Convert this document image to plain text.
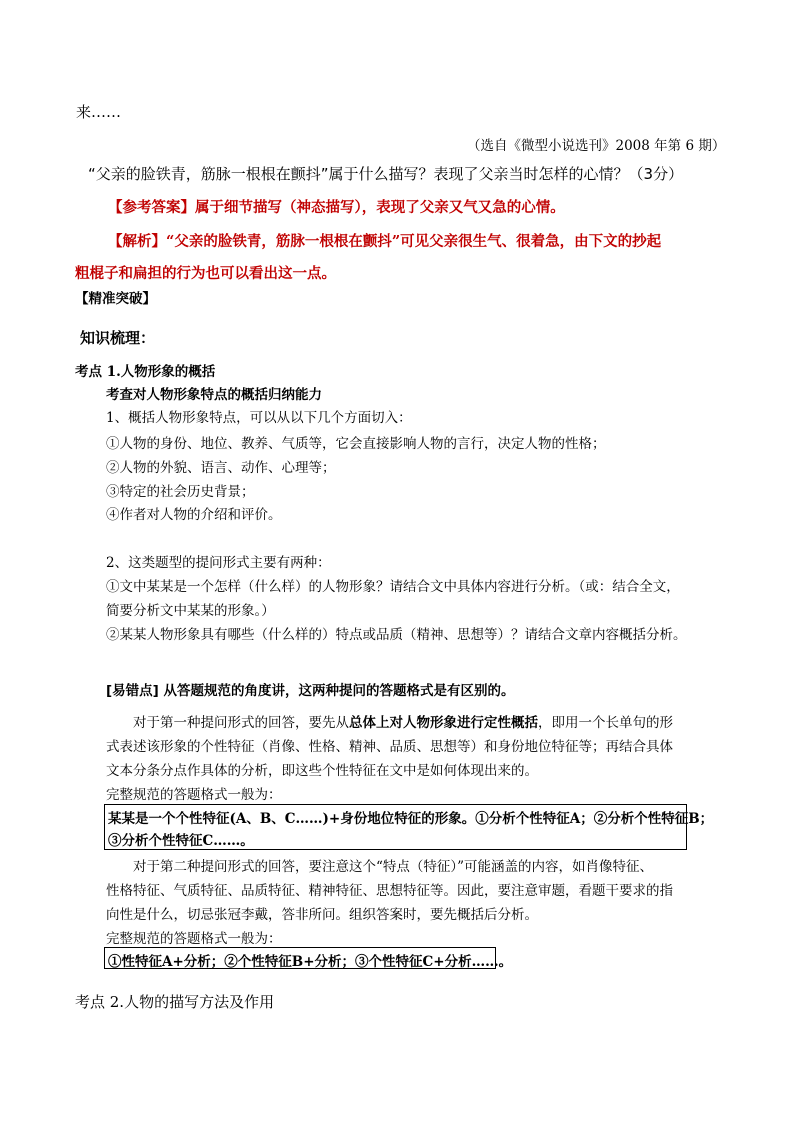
来……
（选自《微型小说选刊》2008 年第 6 期）
“父亲的脸铁青，筋脉一根根在颤抖”属于什么描写？表现了父亲当时怎样的心情？（3分）
【参考答案】属于细节描写（神态描写），表现了父亲又气又急的心情。
【解析】“父亲的脸铁青，筋脉一根根在颤抖”可见父亲很生气、很着急，由下文的抄起
粗棍子和扁担的行为也可以看出这一点。
【精准突破】
知识梳理：
考点 1.人物形象的概括
考查对人物形象特点的概括归纳能力
1、概括人物形象特点，可以从以下几个方面切入：
①人物的身份、地位、教养、气质等，它会直接影响人物的言行，决定人物的性格；
②人物的外貌、语言、动作、心理等；
③特定的社会历史背景；
④作者对人物的介绍和评价。
2、这类题型的提问形式主要有两种：
①文中某某是一个怎样（什么样）的人物形象？请结合文中具体内容进行分析。（或：结合全文，
简要分析文中某某的形象。）
②某某人物形象具有哪些（什么样的）特点或品质（精神、思想等）？请结合文章内容概括分析。
[易错点] 从答题规范的角度讲，这两种提问的答题格式是有区别的。
对于第一种提问形式的回答，要先从总体上对人物形象进行定性概括，即用一个长单句的形
式表述该形象的个性特征（肖像、性格、精神、品质、思想等）和身份地位特征等；再结合具体
文本分条分点作具体的分析，即这些个性特征在文中是如何体现出来的。
完整规范的答题格式一般为：
某某是一个个性特征(A、B、C……)+身份地位特征的形象。①分析个性特征A；②分析个性特征B；
③分析个性特征C……。
对于第二种提问形式的回答，要注意这个“特点（特征）”可能涵盖的内容，如肖像特征、
性格特征、气质特征、品质特征、精神特征、思想特征等。因此，要注意审题，看题干要求的指
向性是什么，切忌张冠李戴，答非所问。组织答案时，要先概括后分析。
完整规范的答题格式一般为：
①性特征A+分析；②个性特征B+分析；③个性特征C+分析……。
考点 2.人物的描写方法及作用
